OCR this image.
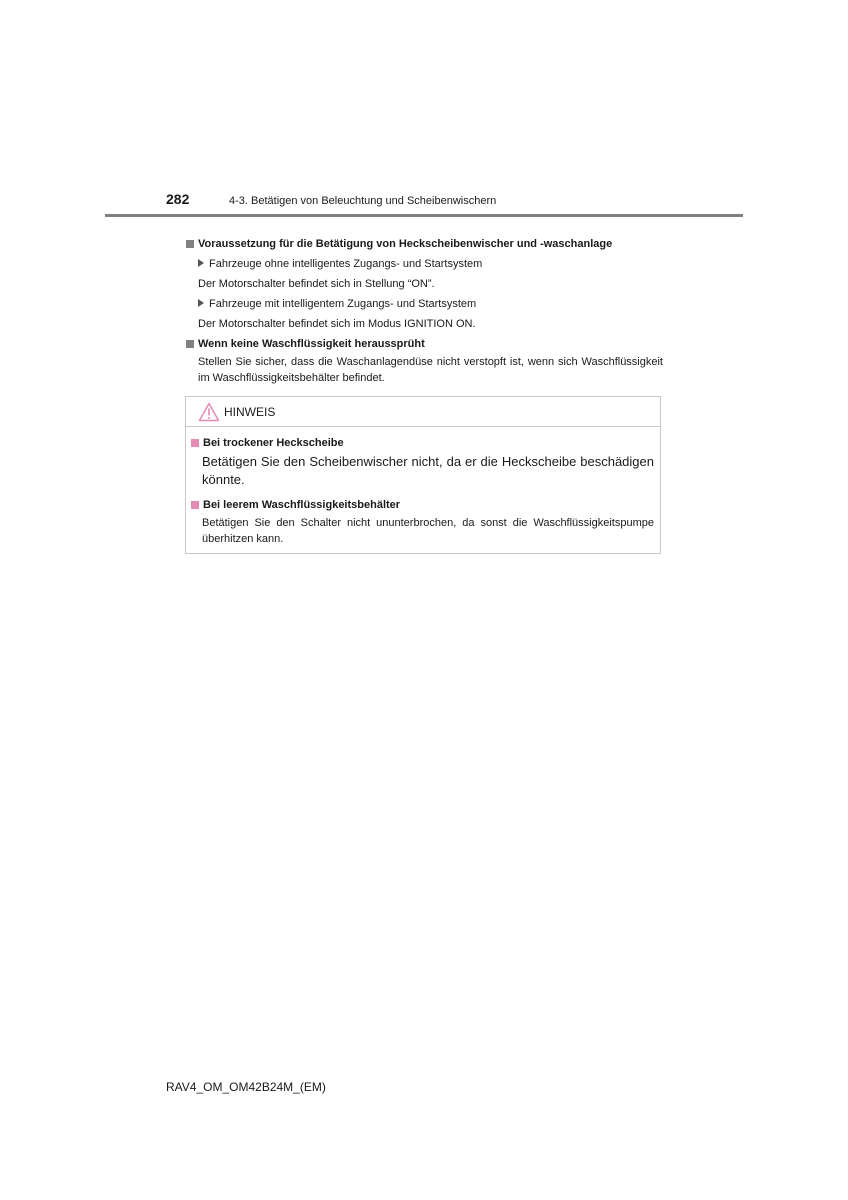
282	4-3. Betätigen von Beleuchtung und Scheibenwischern
Voraussetzung für die Betätigung von Heckscheibenwischer und -waschanlage
Fahrzeuge ohne intelligentes Zugangs- und Startsystem
Der Motorschalter befindet sich in Stellung “ON”.
Fahrzeuge mit intelligentem Zugangs- und Startsystem
Der Motorschalter befindet sich im Modus IGNITION ON.
Wenn keine Waschflüssigkeit heraussprüht
Stellen Sie sicher, dass die Waschanlagendüse nicht verstopft ist, wenn sich Waschflüssigkeit im Waschflüssigkeitsbehälter befindet.
HINWEIS
Bei trockener Heckscheibe
Betätigen Sie den Scheibenwischer nicht, da er die Heckscheibe beschädigen könnte.
Bei leerem Waschflüssigkeitsbehälter
Betätigen Sie den Schalter nicht ununterbrochen, da sonst die Waschflüssigkeitspumpe überhitzen kann.
RAV4_OM_OM42B24M_(EM)
